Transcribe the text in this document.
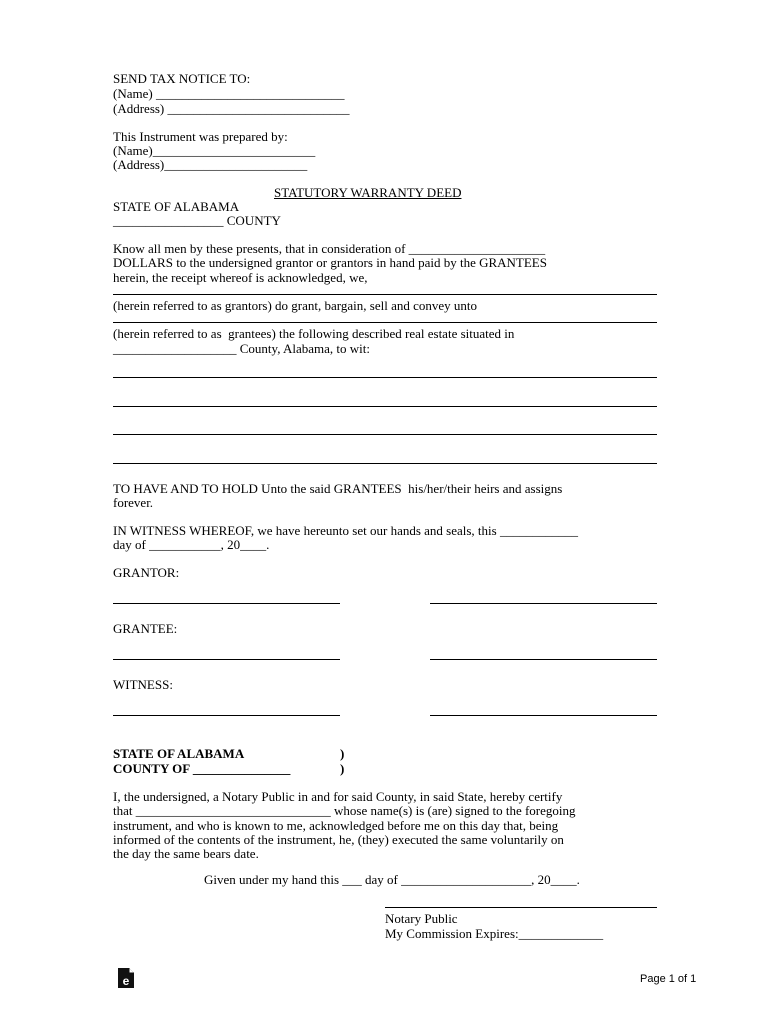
SEND TAX NOTICE TO:
(Name) _____________________________
(Address) ____________________________
This Instrument was prepared by:
(Name)_________________________
(Address)______________________
STATUTORY WARRANTY DEED
STATE OF ALABAMA
_________________ COUNTY
Know all men by these presents, that in consideration of _____________________
DOLLARS to the undersigned grantor or grantors in hand paid by the GRANTEES
herein, the receipt whereof is acknowledged, we,
(herein referred to as grantors) do grant, bargain, sell and convey unto
(herein referred to as  grantees) the following described real estate situated in
___________________ County, Alabama, to wit:
TO HAVE AND TO HOLD Unto the said GRANTEES  his/her/their heirs and assigns
forever.
IN WITNESS WHEREOF, we have hereunto set our hands and seals, this ____________
day of ___________, 20____.
GRANTOR:
GRANTEE:
WITNESS:
STATE OF ALABAMA	)
COUNTY OF _______________	)
I, the undersigned, a Notary Public in and for said County, in said State, hereby certify
that ______________________________ whose name(s) is (are) signed to the foregoing
instrument, and who is known to me, acknowledged before me on this day that, being
informed of the contents of the instrument, he, (they) executed the same voluntarily on
the day the same bears date.
Given under my hand this ___ day of ____________________, 20____.
Notary Public
My Commission Expires:_____________
e	Page 1 of 1
